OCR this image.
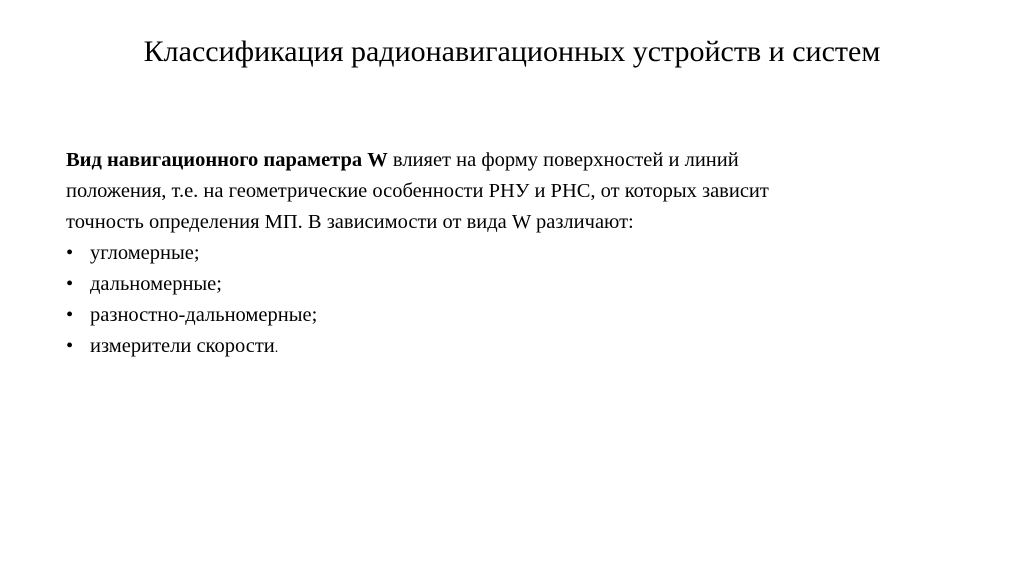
Классификация радионавигационных устройств и систем

Вид навигационного параметра W влияет на форму поверхностей и линий
положения, т.е. на геометрические особенности РНУ и РНС, от которых зависит
точность определения МП. В зависимости от вида W различают:

• угломерные;
• дальномерные;
• разностно-дальномерные;
• измерители скорости.
